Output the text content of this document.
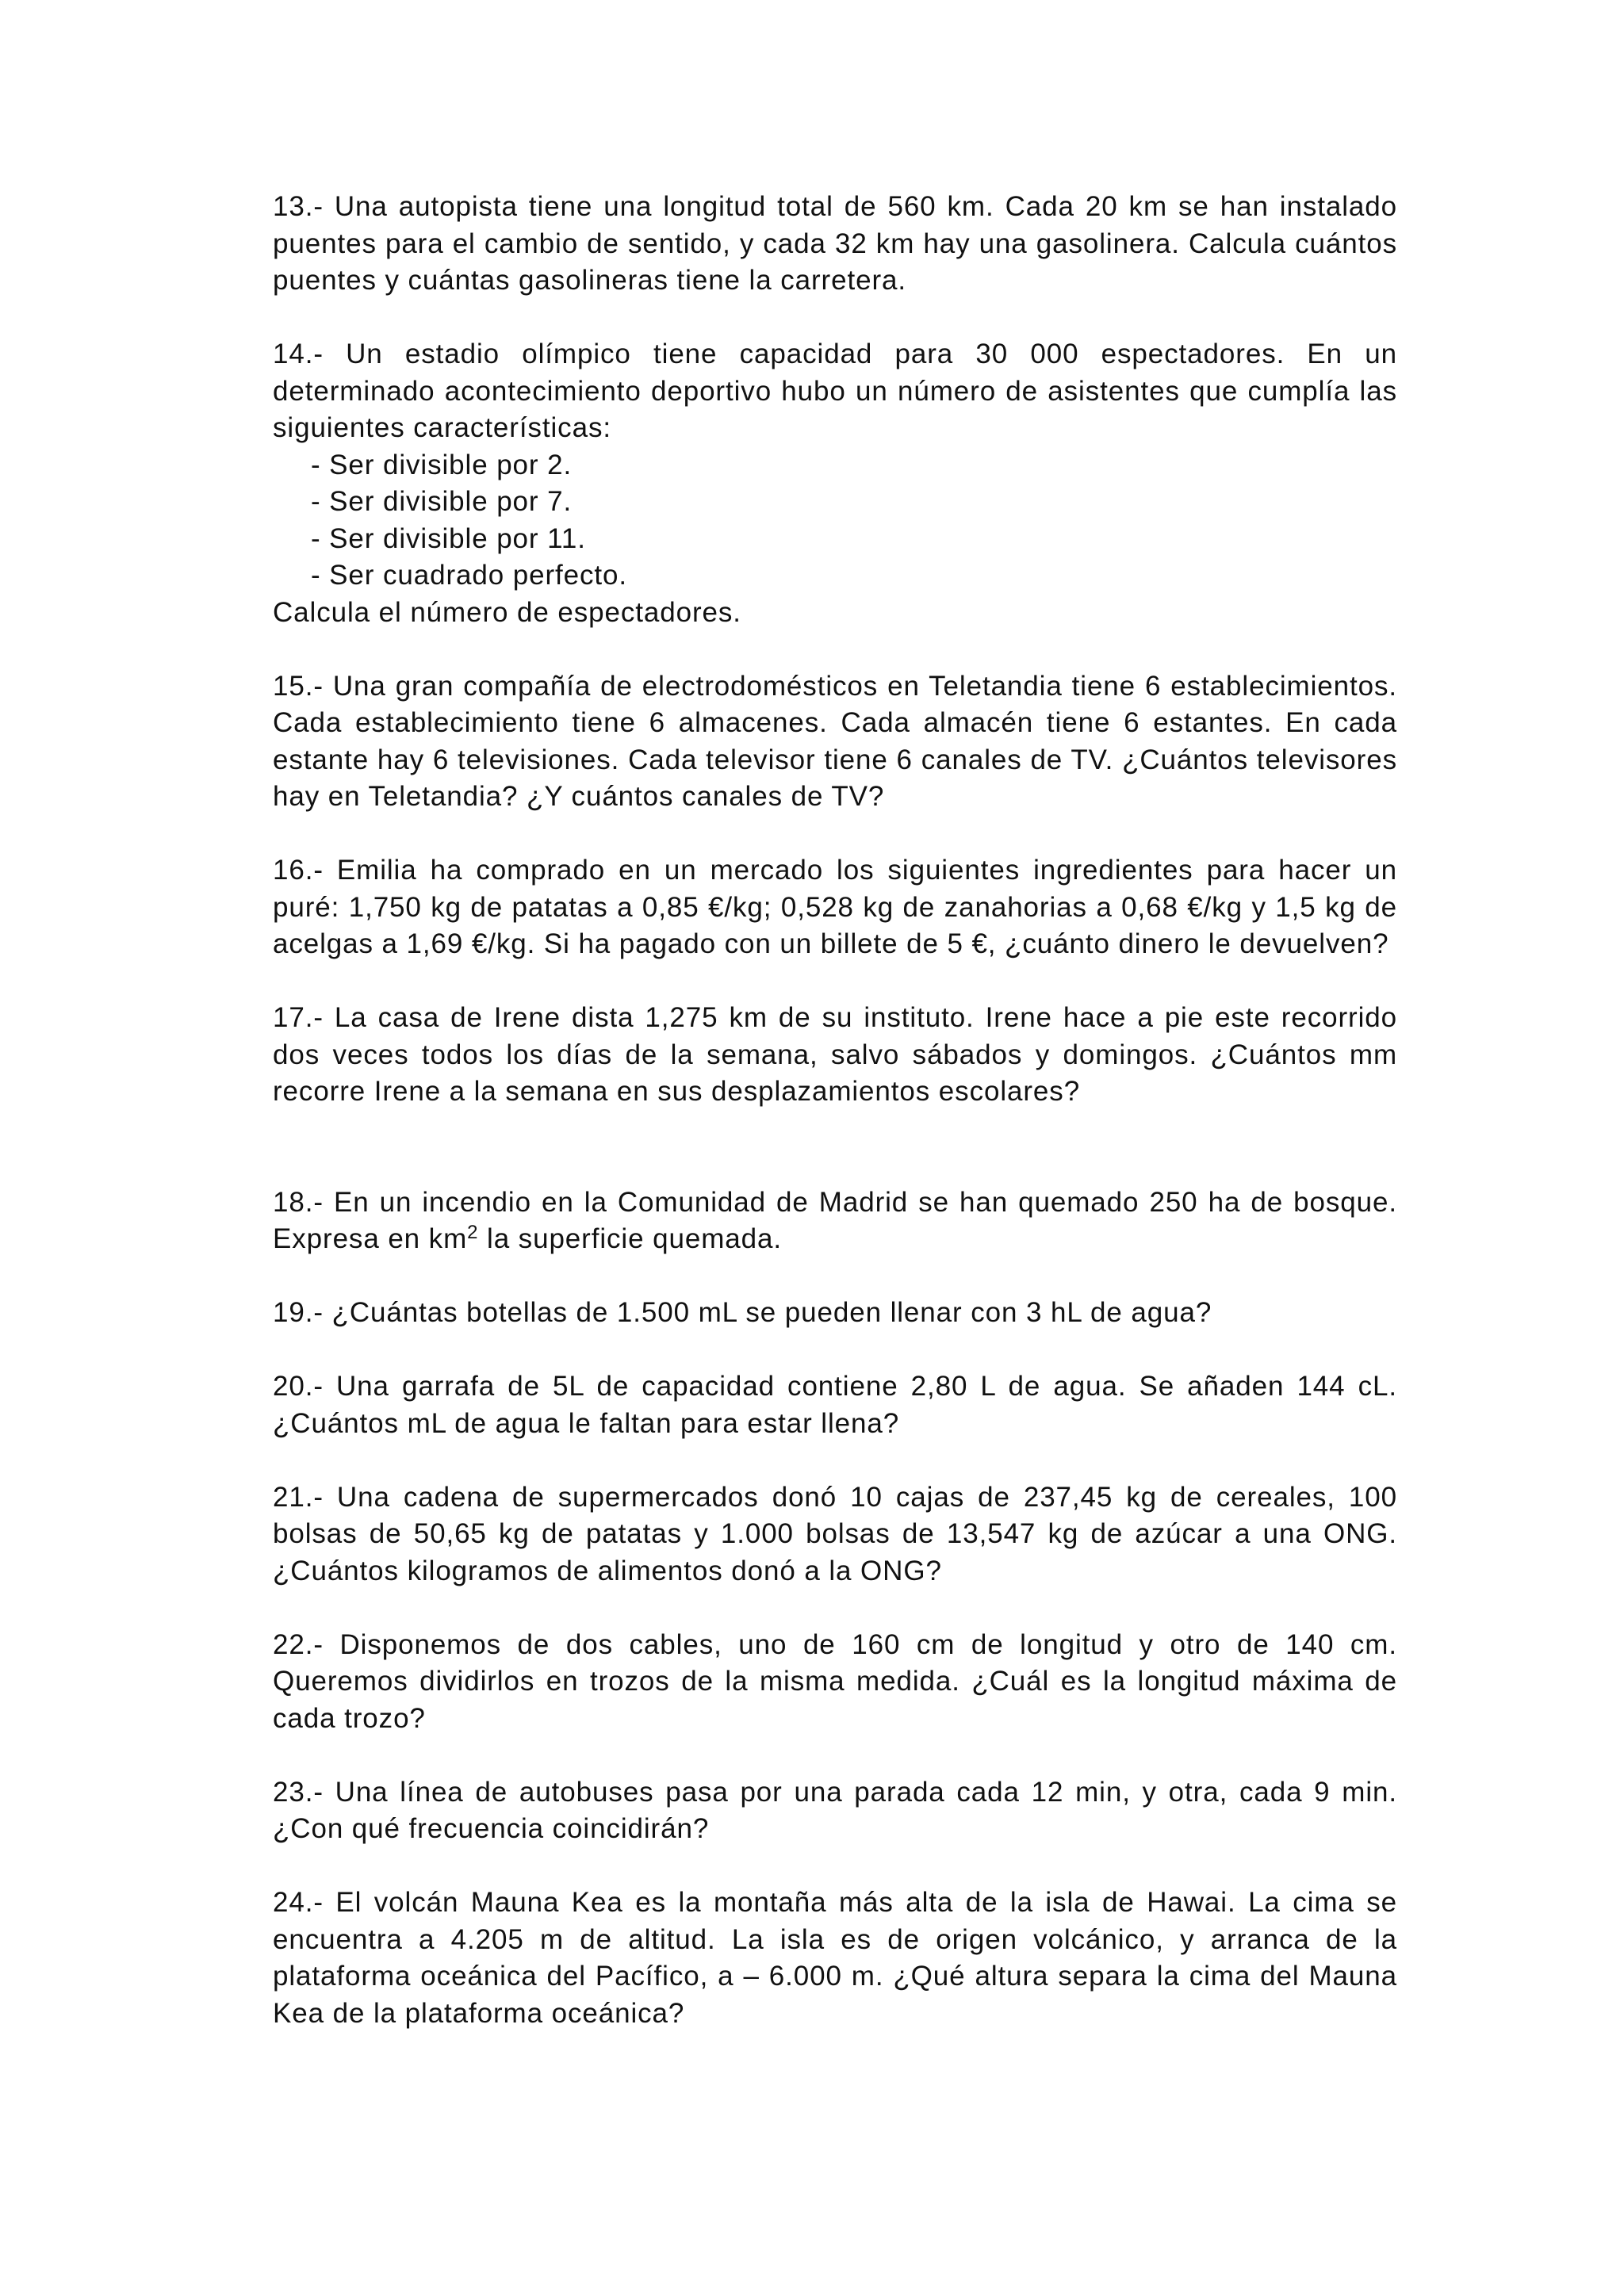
13.- Una autopista tiene una longitud total de 560 km. Cada 20 km se han instalado puentes para el cambio de sentido, y cada 32 km hay una gasolinera. Calcula cuántos puentes y cuántas gasolineras tiene la carretera.

14.- Un estadio olímpico tiene capacidad para 30 000 espectadores. En un determinado acontecimiento deportivo hubo un número de asistentes que cumplía las siguientes características:

- Ser divisible por 2.
- Ser divisible por 7.
- Ser divisible por 11.
- Ser cuadrado perfecto.

Calcula el número de espectadores.

15.- Una gran compañía de electrodomésticos en Teletandia tiene 6 establecimientos. Cada establecimiento tiene 6 almacenes. Cada almacén tiene 6 estantes. En cada estante hay 6 televisiones. Cada televisor tiene 6 canales de TV. ¿Cuántos televisores hay en Teletandia? ¿Y cuántos canales de TV?

16.- Emilia ha comprado en un mercado los siguientes ingredientes para hacer un puré: 1,750 kg de patatas a 0,85 €/kg; 0,528 kg de zanahorias a 0,68 €/kg y 1,5 kg de acelgas a 1,69 €/kg. Si ha pagado con un billete de 5 €, ¿cuánto dinero le devuelven?

17.- La casa de Irene dista 1,275 km de su instituto. Irene hace a pie este recorrido dos veces todos los días de la semana, salvo sábados y domingos. ¿Cuántos mm recorre Irene a la semana en sus desplazamientos escolares?

18.- En un incendio en la Comunidad de Madrid se han quemado 250 ha de bosque. Expresa en $km^2$ la superficie quemada.

19.- ¿Cuántas botellas de 1.500 mL se pueden llenar con 3 hL de agua?

20.- Una garrafa de 5L de capacidad contiene 2,80 L de agua. Se añaden 144 cL. ¿Cuántos mL de agua le faltan para estar llena?

21.- Una cadena de supermercados donó 10 cajas de 237,45 kg de cereales, 100 bolsas de 50,65 kg de patatas y 1.000 bolsas de 13,547 kg de azúcar a una ONG. ¿Cuántos kilogramos de alimentos donó a la ONG?

22.- Disponemos de dos cables, uno de 160 cm de longitud y otro de 140 cm. Queremos dividirlos en trozos de la misma medida. ¿Cuál es la longitud máxima de cada trozo?

23.- Una línea de autobuses pasa por una parada cada 12 min, y otra, cada 9 min. ¿Con qué frecuencia coincidirán?

24.- El volcán Mauna Kea es la montaña más alta de la isla de Hawai. La cima se encuentra a 4.205 m de altitud. La isla es de origen volcánico, y arranca de la plataforma oceánica del Pacífico, a – 6.000 m. ¿Qué altura separa la cima del Mauna Kea de la plataforma oceánica?
